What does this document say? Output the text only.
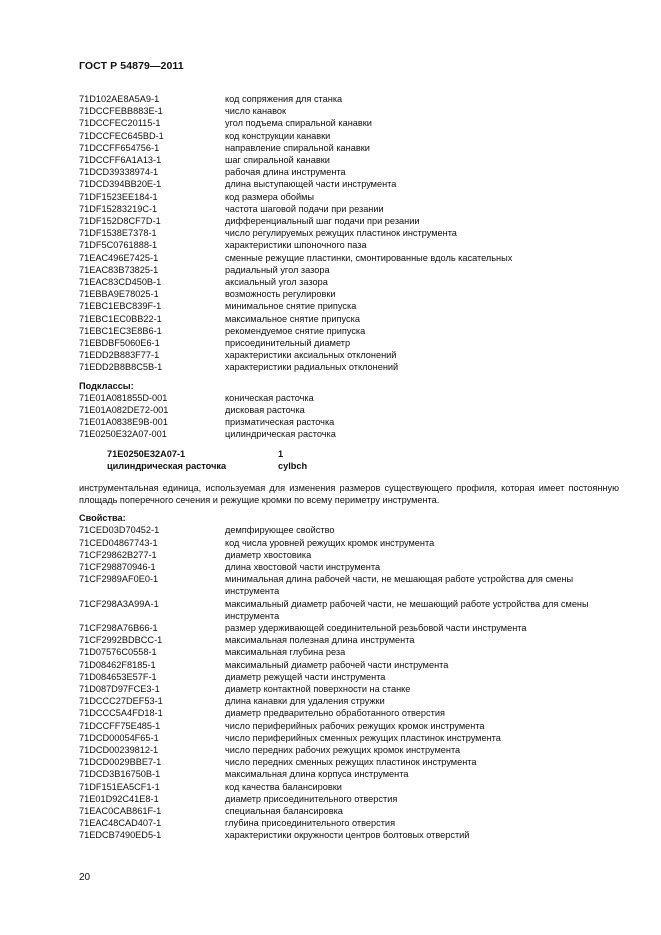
ГОСТ Р 54879—2011
71D102AE8A5A9-1	код сопряжения для станка
71DCCFEBB883E-1	число канавок
71DCCFEC20115-1	угол подъема спиральной канавки
71DCCFEC645BD-1	код конструкции канавки
71DCCFF654756-1	направление спиральной канавки
71DCCFF6A1A13-1	шаг спиральной канавки
71DCD39338974-1	рабочая длина инструмента
71DCD394BB20E-1	длина выступающей части инструмента
71DF1523EE184-1	код размера обоймы
71DF15283219C-1	частота шаговой подачи при резании
71DF152D8CF7D-1	дифференциальный шаг подачи при резании
71DF1538E7378-1	число регулируемых режущих пластинок инструмента
71DF5C0761888-1	характеристики шпоночного паза
71EAC496E7425-1	сменные режущие пластинки, смонтированные вдоль касательных
71EAC83B73825-1	радиальный угол зазора
71EAC83CD450B-1	аксиальный угол зазора
71EBBA9E78025-1	возможность регулировки
71EBC1EBC839F-1	минимальное снятие припуска
71EBC1EC0BB22-1	максимальное снятие припуска
71EBC1EC3E8B6-1	рекомендуемое снятие припуска
71EBDBF5060E6-1	присоединительный диаметр
71EDD2B883F77-1	характеристики аксиальных отклонений
71EDD2B8B8C5B-1	характеристики радиальных отклонений
Подклассы:
71E01A081855D-001	коническая расточка
71E01A082DE72-001	дисковая расточка
71E01A0838E9B-001	призматическая расточка
71E0250E32A07-001	цилиндрическая расточка
71E0250E32A07-1	1
цилиндрическая расточка	cylbch
инструментальная единица, используемая для изменения размеров существующего профиля, которая имеет постоянную площадь поперечного сечения и режущие кромки по всему периметру инструмента.
Свойства:
71CED03D70452-1	демпфирующее свойство
71CED04867743-1	код числа уровней режущих кромок инструмента
71CF29862B277-1	диаметр хвостовика
71CF298870946-1	длина хвостовой части инструмента
71CF2989AF0E0-1	минимальная длина рабочей части, не мешающая работе устройства для смены инструмента
71CF298A3A99A-1	максимальный диаметр рабочей части, не мешающий работе устройства для смены инструмента
71CF298A76B66-1	размер удерживающей соединительной резьбовой части инструмента
71CF2992BDBCC-1	максимальная полезная длина инструмента
71D07576C0558-1	максимальная глубина реза
71D08462F8185-1	максимальный диаметр рабочей части инструмента
71D084653E57F-1	диаметр режущей части инструмента
71D087D97FCE3-1	диаметр контактной поверхности на станке
71DCCC27DEF53-1	длина канавки для удаления стружки
71DCCC5A4FD18-1	диаметр предварительно обработанного отверстия
71DCCFF75E485-1	число периферийных рабочих режущих кромок инструмента
71DCD00054F65-1	число периферийных сменных режущих пластинок инструмента
71DCD00239812-1	число передних рабочих режущих кромок инструмента
71DCD0029BBE7-1	число передних сменных режущих пластинок инструмента
71DCD3B16750B-1	максимальная длина корпуса инструмента
71DF151EA5CF1-1	код качества балансировки
71E01D92C41E8-1	диаметр присоединительного отверстия
71EAC0CAB861F-1	специальная балансировка
71EAC48CAD407-1	глубина присоединительного отверстия
71EDCB7490ED5-1	характеристики окружности центров болтовых отверстий
20
